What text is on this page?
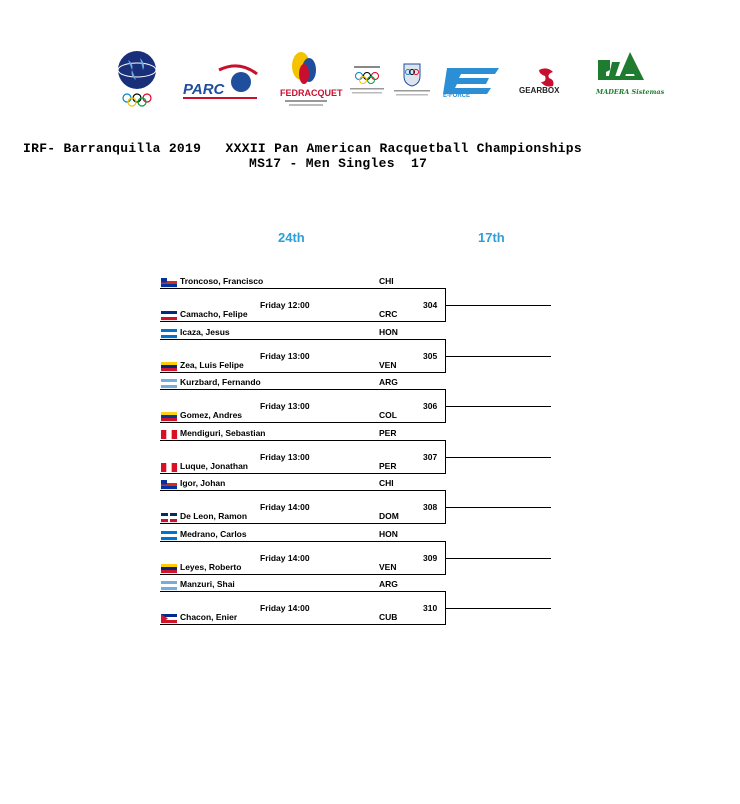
PARC	FEDRACQUET	E-FORCE
GEARBOX	MADERA Sistemas
IRF- Barranquilla 2019   XXXII Pan American Racquetball Championships
MS17 - Men Singles  17
24th	17th
Troncoso, Francisco	CHI
Camacho, Felipe	CRC
Friday 12:00	304
Icaza, Jesus	HON
Zea, Luis Felipe	VEN
Friday 13:00	305
Kurzbard, Fernando	ARG
Gomez, Andres	COL
Friday 13:00	306
Mendiguri, Sebastian	PER
Luque, Jonathan	PER
Friday 13:00	307
Igor, Johan	CHI
De Leon, Ramon	DOM
Friday 14:00	308
Medrano, Carlos	HON
Leyes, Roberto	VEN
Friday 14:00	309
Manzuri, Shai	ARG
Chacon, Enier	CUB
Friday 14:00	310
